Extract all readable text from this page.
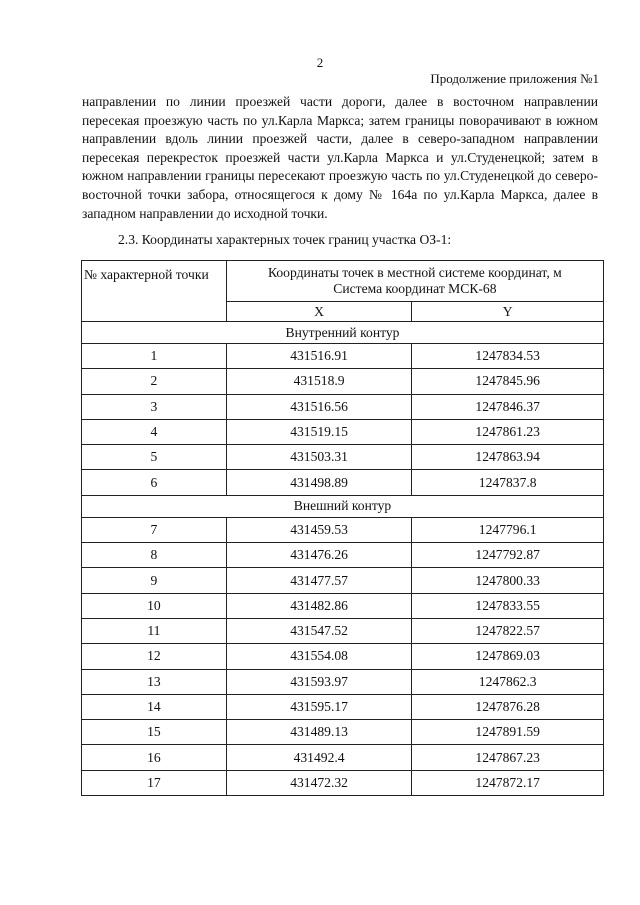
2
Продолжение приложения №1

направлении по линии проезжей части дороги, далее в восточном направлении пересекая проезжую часть по ул.Карла Маркса; затем границы поворачивают в южном направлении вдоль линии проезжей части, далее в северо-западном направлении пересекая перекресток проезжей части ул.Карла Маркса и ул.Студенецкой; затем в южном направлении границы пересекают проезжую часть по ул.Студенецкой до северо-восточной точки забора, относящегося к дому № 164а по ул.Карла Маркса, далее в западном направлении до исходной точки.

2.3. Координаты характерных точек границ участка ОЗ-1:

№ характерной точки	Координаты точек в местной системе координат, м
Система координат МСК-68	
	X	Y
Внутренний контур		
1	431516.91	1247834.53
2	431518.9	1247845.96
3	431516.56	1247846.37
4	431519.15	1247861.23
5	431503.31	1247863.94
6	431498.89	1247837.8
Внешний контур		
7	431459.53	1247796.1
8	431476.26	1247792.87
9	431477.57	1247800.33
10	431482.86	1247833.55
11	431547.52	1247822.57
12	431554.08	1247869.03
13	431593.97	1247862.3
14	431595.17	1247876.28
15	431489.13	1247891.59
16	431492.4	1247867.23
17	431472.32	1247872.17
